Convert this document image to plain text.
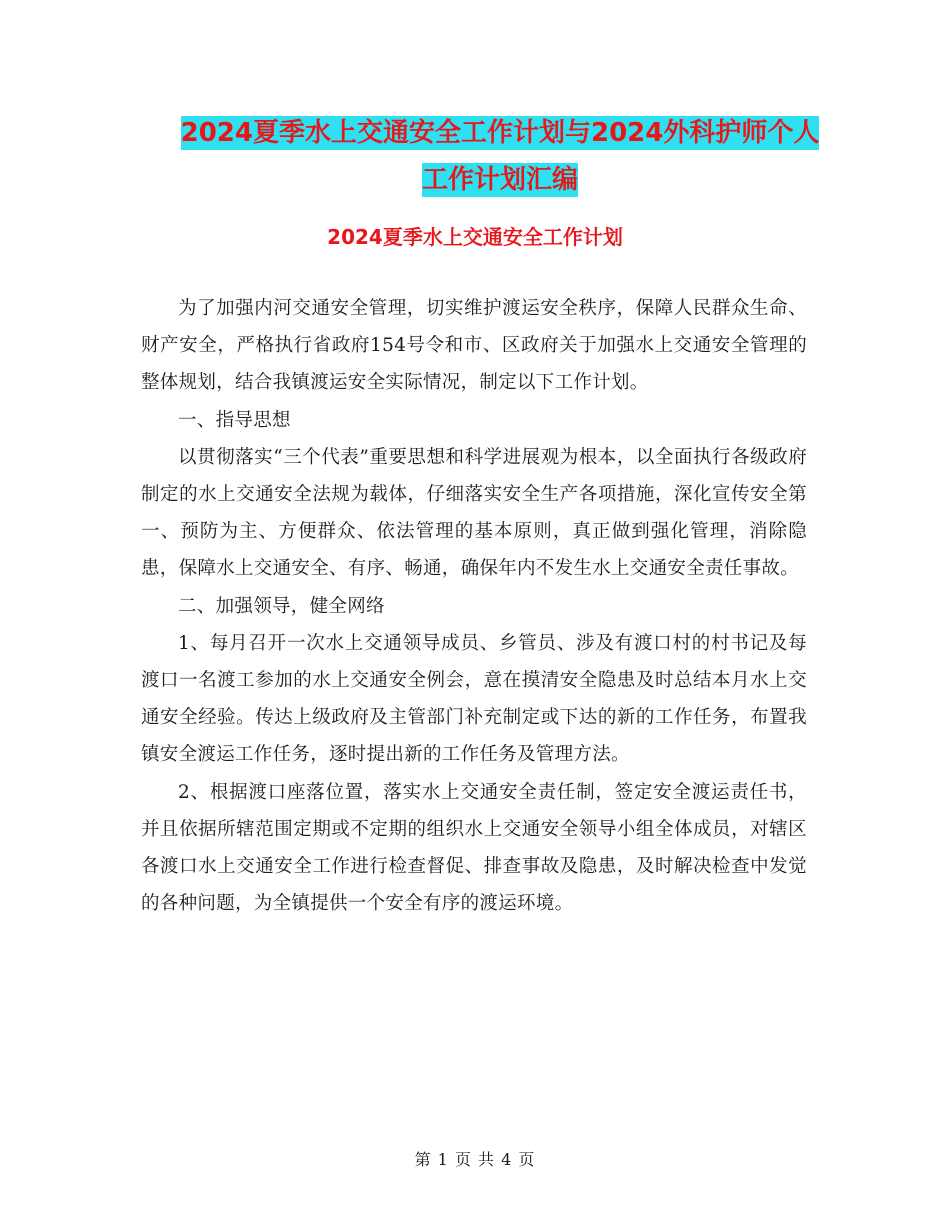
2024夏季水上交通安全工作计划与2024外科护师个人
工作计划汇编
2024夏季水上交通安全工作计划

为了加强内河交通安全管理，切实维护渡运安全秩序，保障人民群众生命、财产安全，严格执行省政府154号令和市、区政府关于加强水上交通安全管理的整体规划，结合我镇渡运安全实际情况，制定以下工作计划。

一、指导思想

以贯彻落实“三个代表”重要思想和科学进展观为根本，以全面执行各级政府制定的水上交通安全法规为载体，仔细落实安全生产各项措施，深化宣传安全第一、预防为主、方便群众、依法管理的基本原则，真正做到强化管理，消除隐患，保障水上交通安全、有序、畅通，确保年内不发生水上交通安全责任事故。

二、加强领导，健全网络

1、每月召开一次水上交通领导成员、乡管员、涉及有渡口村的村书记及每渡口一名渡工参加的水上交通安全例会，意在摸清安全隐患及时总结本月水上交通安全经验。传达上级政府及主管部门补充制定或下达的新的工作任务，布置我镇安全渡运工作任务，逐时提出新的工作任务及管理方法。

2、根据渡口座落位置，落实水上交通安全责任制，签定安全渡运责任书，并且依据所辖范围定期或不定期的组织水上交通安全领导小组全体成员，对辖区各渡口水上交通安全工作进行检查督促、排查事故及隐患，及时解决检查中发觉的各种问题，为全镇提供一个安全有序的渡运环境。

第 1 页 共 4 页
